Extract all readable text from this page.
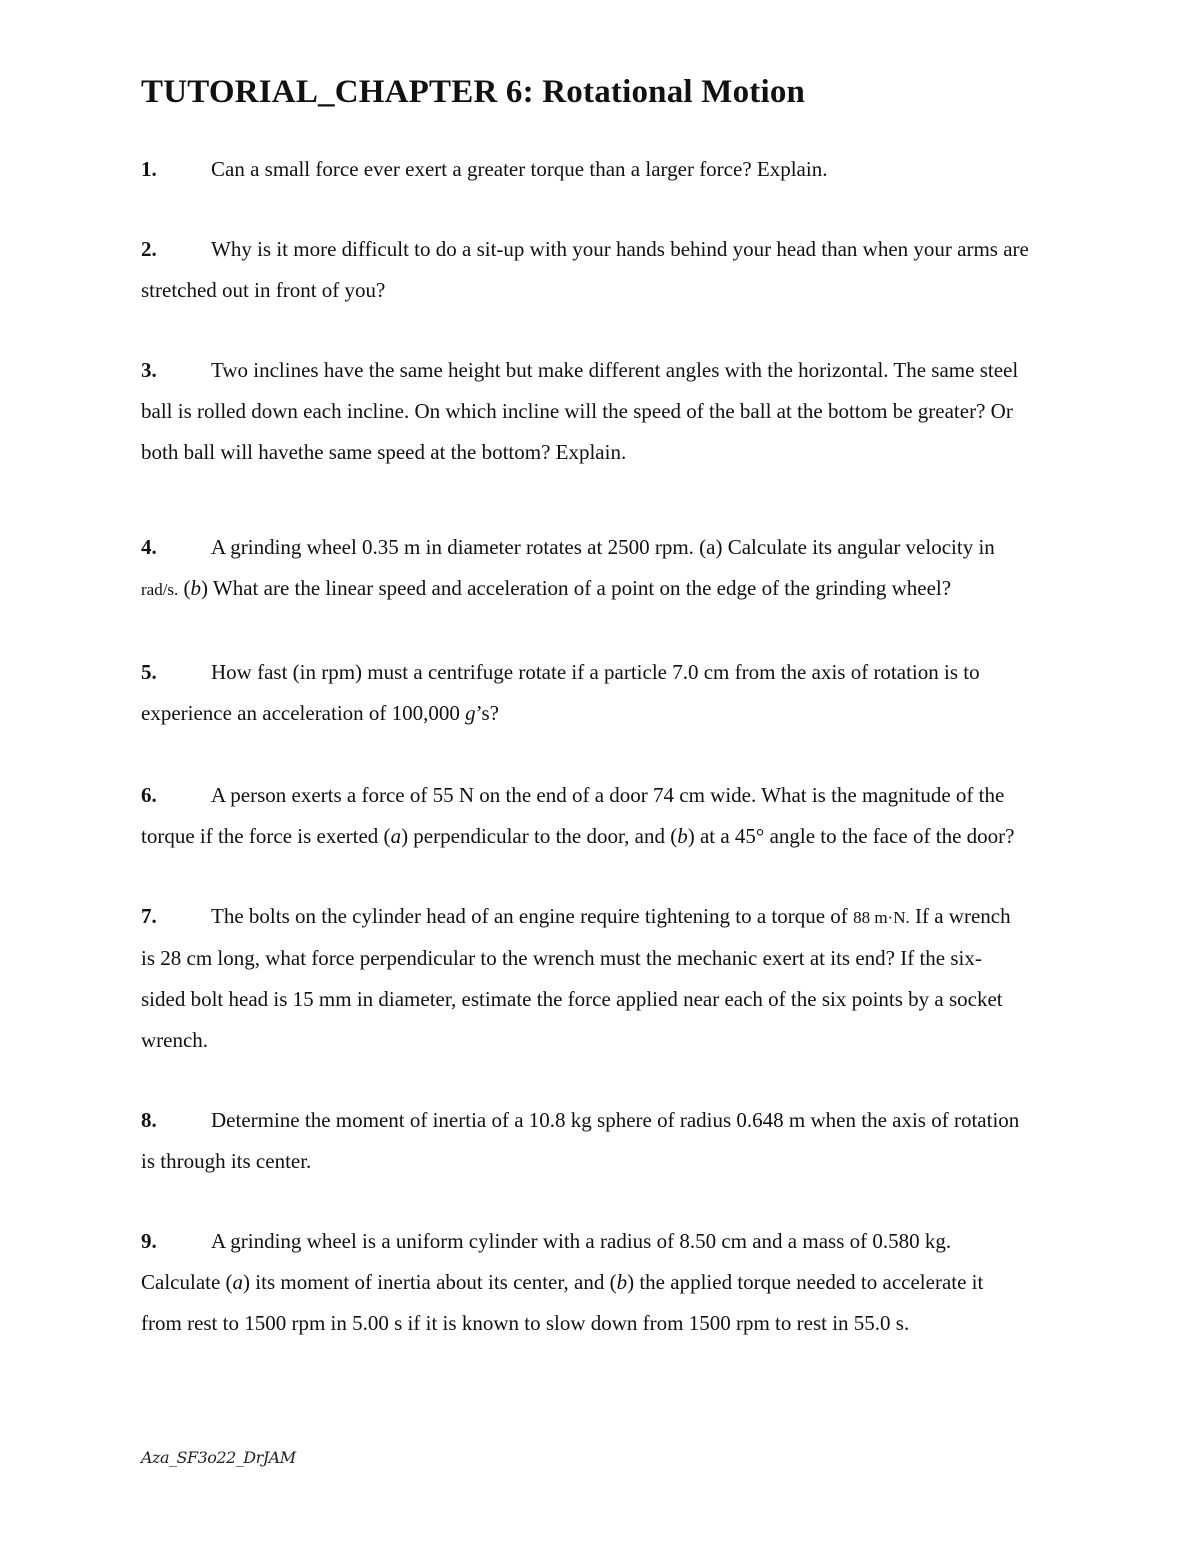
TUTORIAL_CHAPTER 6: Rotational Motion
1.	Can a small force ever exert a greater torque than a larger force? Explain.
2.	Why is it more difficult to do a sit-up with your hands behind your head than when your arms are
stretched out in front of you?
3.	Two inclines have the same height but make different angles with the horizontal. The same steel
ball is rolled down each incline. On which incline will the speed of the ball at the bottom be greater? Or
both ball will havethe same speed at the bottom? Explain.
4.	A grinding wheel 0.35 m in diameter rotates at 2500 rpm. (a) Calculate its angular velocity in
rad/s. (b) What are the linear speed and acceleration of a point on the edge of the grinding wheel?
5.	How fast (in rpm) must a centrifuge rotate if a particle 7.0 cm from the axis of rotation is to
experience an acceleration of 100,000 g’s?
6.	A person exerts a force of 55 N on the end of a door 74 cm wide. What is the magnitude of the
torque if the force is exerted (a) perpendicular to the door, and (b) at a 45° angle to the face of the door?
7.	The bolts on the cylinder head of an engine require tightening to a torque of 88 m·N. If a wrench
is 28 cm long, what force perpendicular to the wrench must the mechanic exert at its end? If the six-
sided bolt head is 15 mm in diameter, estimate the force applied near each of the six points by a socket
wrench.
8.	Determine the moment of inertia of a 10.8 kg sphere of radius 0.648 m when the axis of rotation
is through its center.
9.	A grinding wheel is a uniform cylinder with a radius of 8.50 cm and a mass of 0.580 kg.
Calculate (a) its moment of inertia about its center, and (b) the applied torque needed to accelerate it
from rest to 1500 rpm in 5.00 s if it is known to slow down from 1500 rpm to rest in 55.0 s.
Aza_SF3o22_DrJAM
